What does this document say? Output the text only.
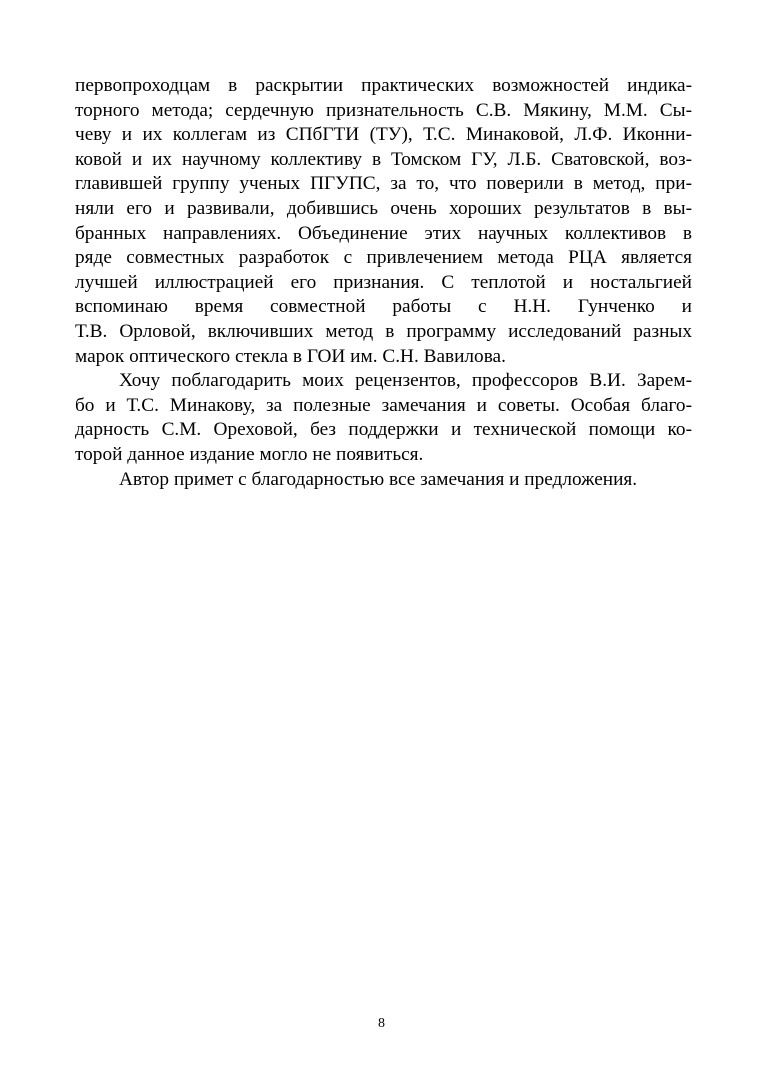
первопроходцам в раскрытии практических возможностей индика-
торного метода; сердечную признательность С.В. Мякину, М.М. Сы-
чеву и их коллегам из СПбГТИ (ТУ), Т.С. Минаковой, Л.Ф. Иконни-
ковой и их научному коллективу в Томском ГУ, Л.Б. Сватовской, воз-
главившей группу ученых ПГУПС, за то, что поверили в метод, при-
няли его и развивали, добившись очень хороших результатов в вы-
бранных направлениях. Объединение этих научных коллективов в
ряде совместных разработок с привлечением метода РЦА является
лучшей иллюстрацией его признания. С теплотой и ностальгией
вспоминаю время совместной работы с Н.Н. Гунченко и
Т.В. Орловой, включивших метод в программу исследований разных
марок оптического стекла в ГОИ им. С.Н. Вавилова.
Хочу поблагодарить моих рецензентов, профессоров В.И. Зарем-
бо и Т.С. Минакову, за полезные замечания и советы. Особая благо-
дарность С.М. Ореховой, без поддержки и технической помощи ко-
торой данное издание могло не появиться.
Автор примет с благодарностью все замечания и предложения.
8
